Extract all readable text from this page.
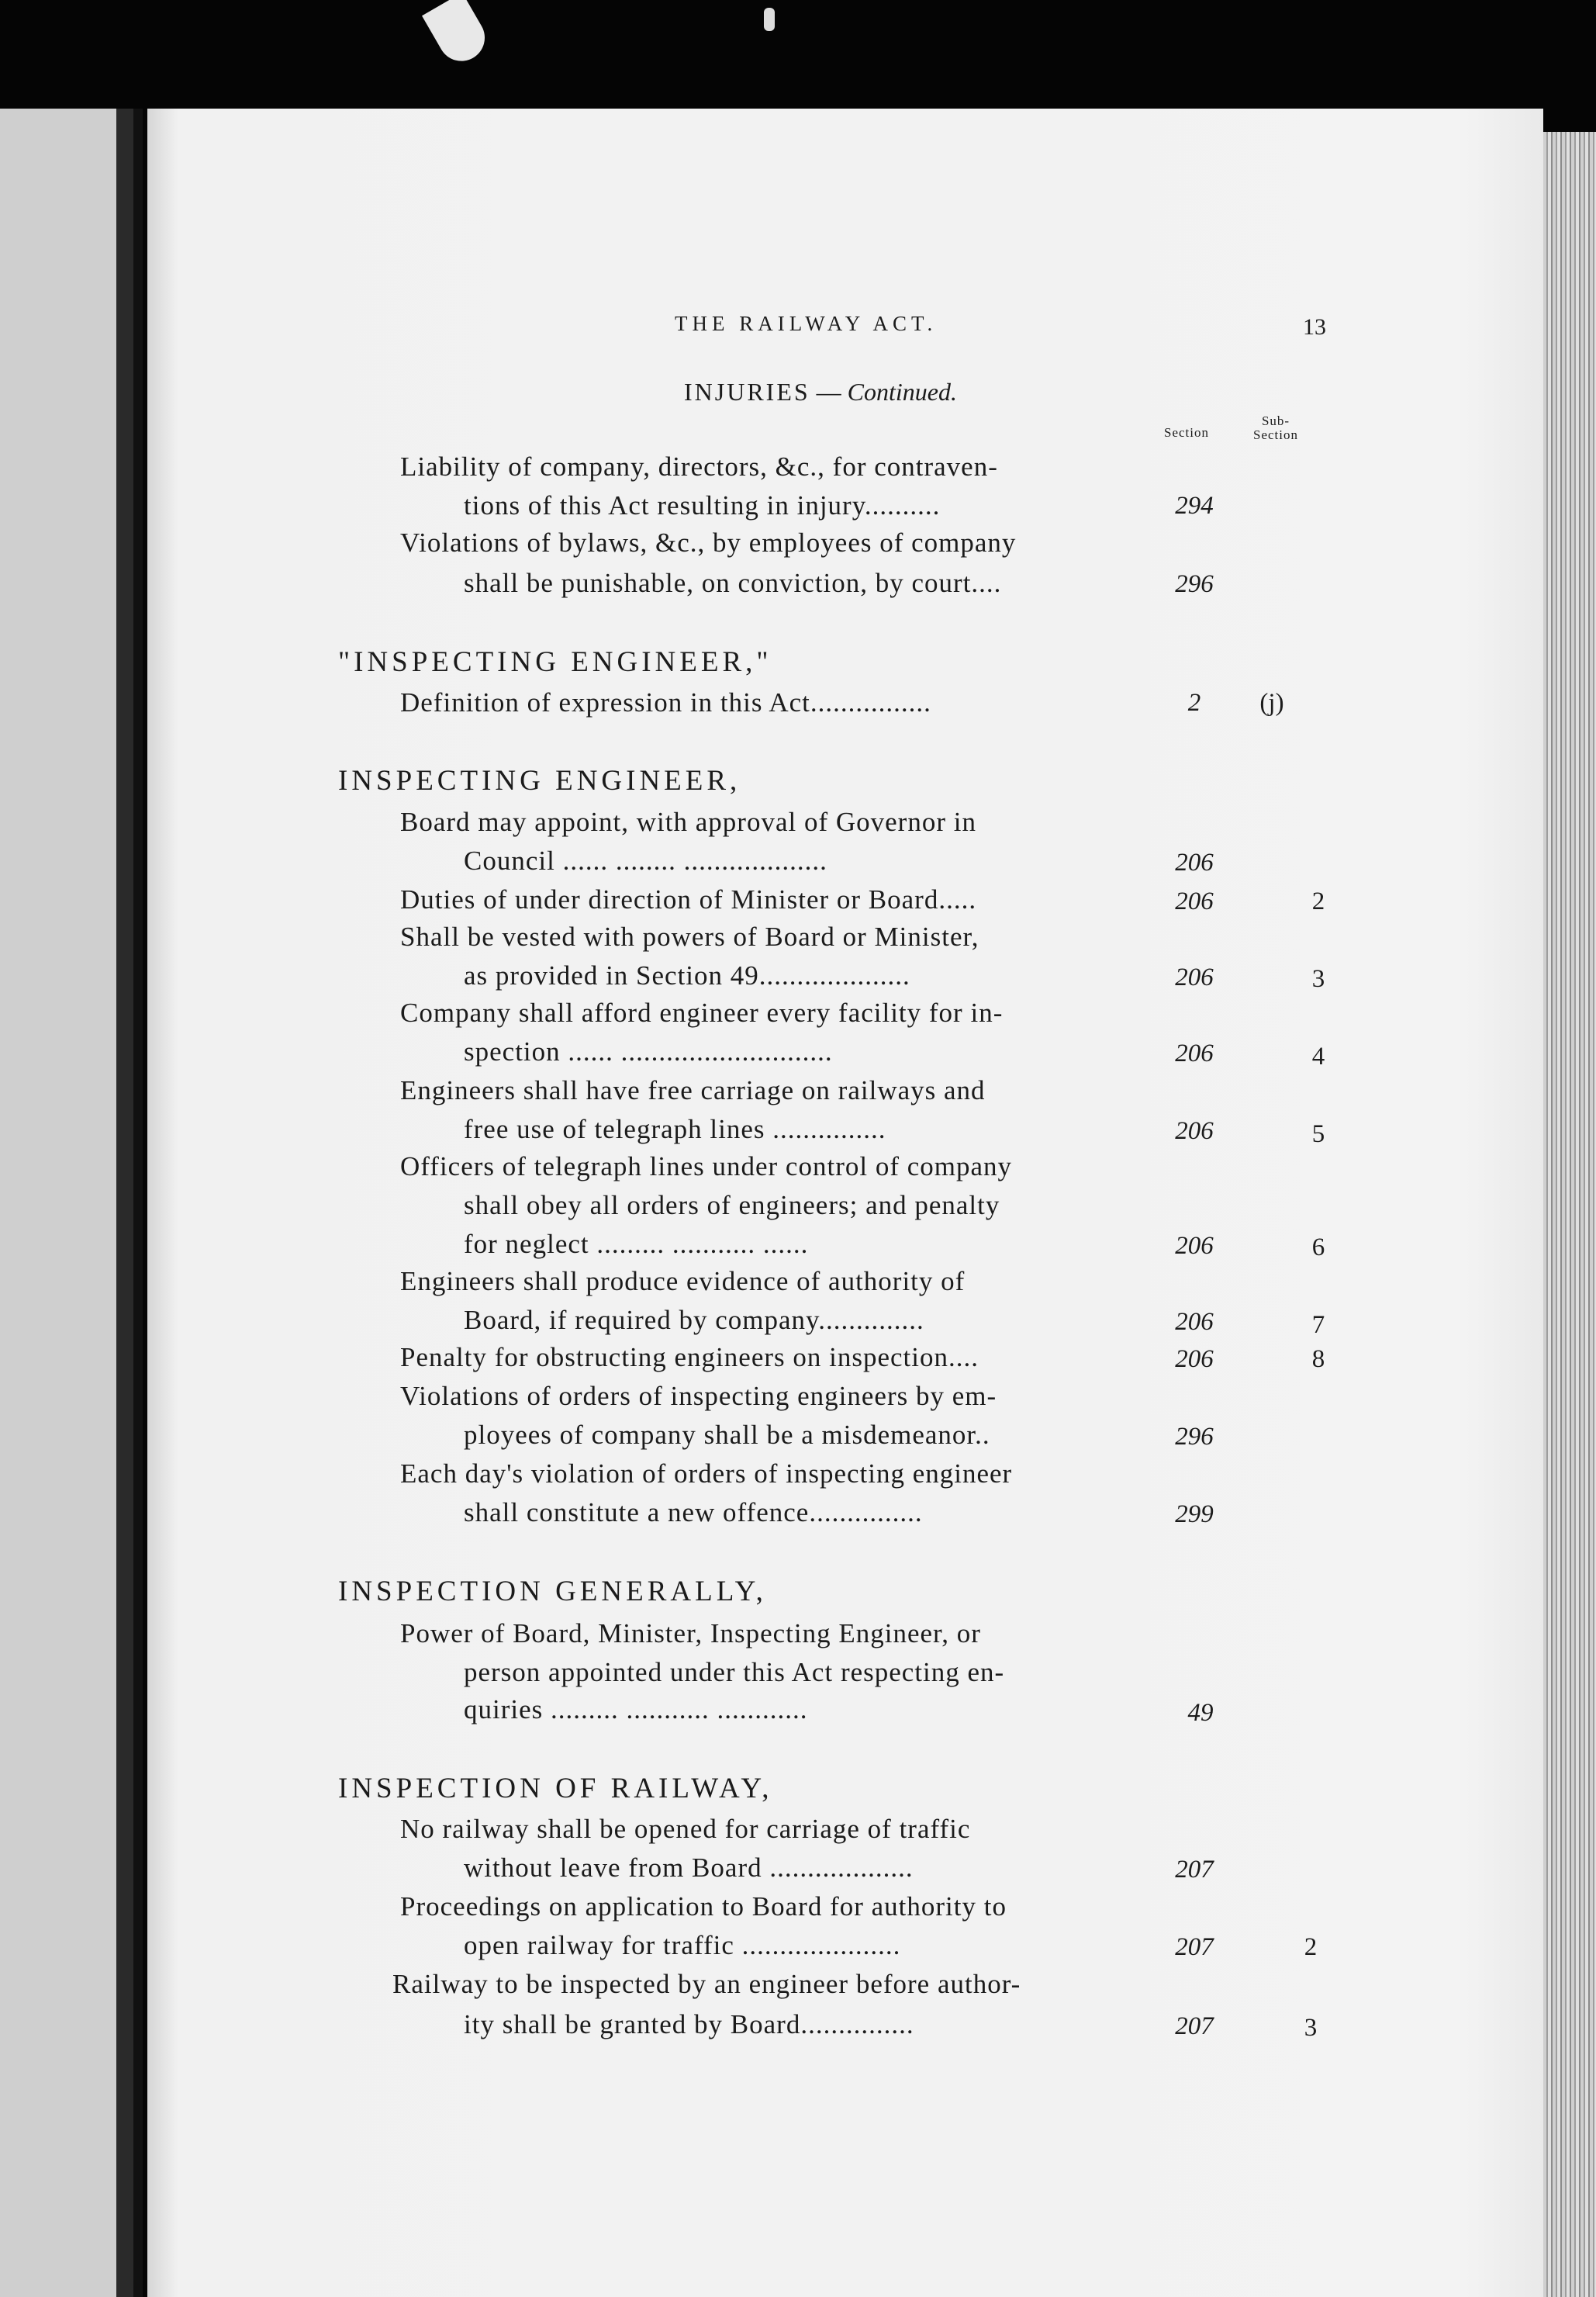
THE RAILWAY ACT.	13
INJURIES — Continued.
Section
Sub-
Section
Liability of company, directors, &c., for contraven-
tions of this Act resulting in injury..........	294
Violations of bylaws, &c., by employees of company
shall be punishable, on conviction, by court....	296
"INSPECTING ENGINEER,"
Definition of expression in this Act................	2	(j)
INSPECTING ENGINEER,
Board may appoint, with approval of Governor in
Council ...... ........ ...................	206
Duties of under direction of Minister or Board.....	206	2
Shall be vested with powers of Board or Minister,
as provided in Section 49....................	206	3
Company shall afford engineer every facility for in-
spection ...... ............................	206	4
Engineers shall have free carriage on railways and
free use of telegraph lines ...............	206	5
Officers of telegraph lines under control of company
shall obey all orders of engineers; and penalty
for neglect ......... ........... ......	206	6
Engineers shall produce evidence of authority of
Board, if required by company..............	206	7
Penalty for obstructing engineers on inspection....	206	8
Violations of orders of inspecting engineers by em-
ployees of company shall be a misdemeanor..	296
Each day's violation of orders of inspecting engineer
shall constitute a new offence...............	299
INSPECTION GENERALLY,
Power of Board, Minister, Inspecting Engineer, or
person appointed under this Act respecting en-
quiries ......... ........... ............	49
INSPECTION OF RAILWAY,
No railway shall be opened for carriage of traffic
without leave from Board ...................	207
Proceedings on application to Board for authority to
open railway for traffic .....................	207	2
Railway to be inspected by an engineer before author-
ity shall be granted by Board...............	207	3
